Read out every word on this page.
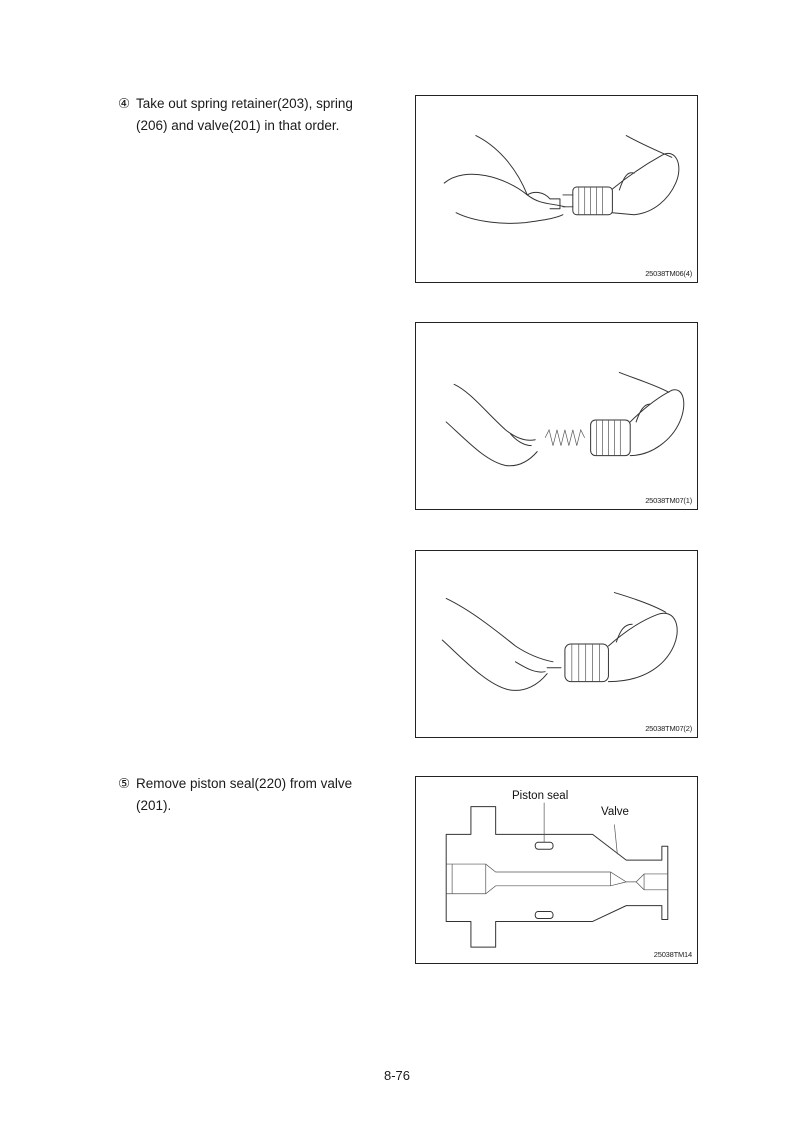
④ Take out spring retainer(203), spring

(206) and valve(201) in that order.

⑤ Remove piston seal(220) from valve

(201).

25038TM06(4)
25038TM07(1)
25038TM07(2)
Piston seal
Valve
25038TM14
8-76
